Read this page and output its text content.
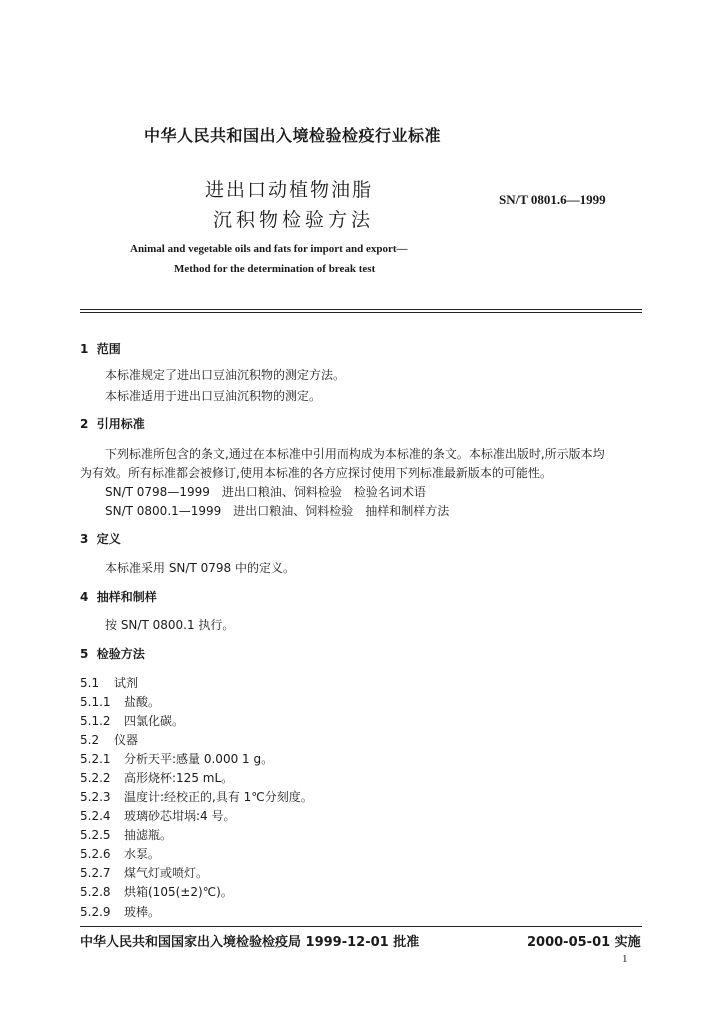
中华人民共和国出入境检验检疫行业标准
进出口动植物油脂
沉积物检验方法
SN/T 0801.6—1999
Animal and vegetable oils and fats for import and export—
Method for the determination of break test
1 范围
本标准规定了进出口豆油沉积物的测定方法。
本标准适用于进出口豆油沉积物的测定。
2 引用标准
下列标准所包含的条文,通过在本标准中引用而构成为本标准的条文。本标准出版时,所示版本均
为有效。所有标准都会被修订,使用本标准的各方应探讨使用下列标准最新版本的可能性。
SN/T 0798—1999　进出口粮油、饲料检验　检验名词术语
SN/T 0800.1—1999　进出口粮油、饲料检验　抽样和制样方法
3 定义
本标准采用 SN/T 0798 中的定义。
4 抽样和制样
按 SN/T 0800.1 执行。
5 检验方法
5.1 试剂
5.1.1 盐酸。
5.1.2 四氯化碳。
5.2 仪器
5.2.1 分析天平:感量 0.000 1 g。
5.2.2 高形烧杯:125 mL。
5.2.3 温度计:经校正的,具有 1℃分刻度。
5.2.4 玻璃砂芯坩埚:4 号。
5.2.5 抽滤瓶。
5.2.6 水泵。
5.2.7 煤气灯或喷灯。
5.2.8 烘箱(105(±2)℃)。
5.2.9 玻棒。
中华人民共和国国家出入境检验检疫局 1999-12-01 批准	2000-05-01 实施
1
